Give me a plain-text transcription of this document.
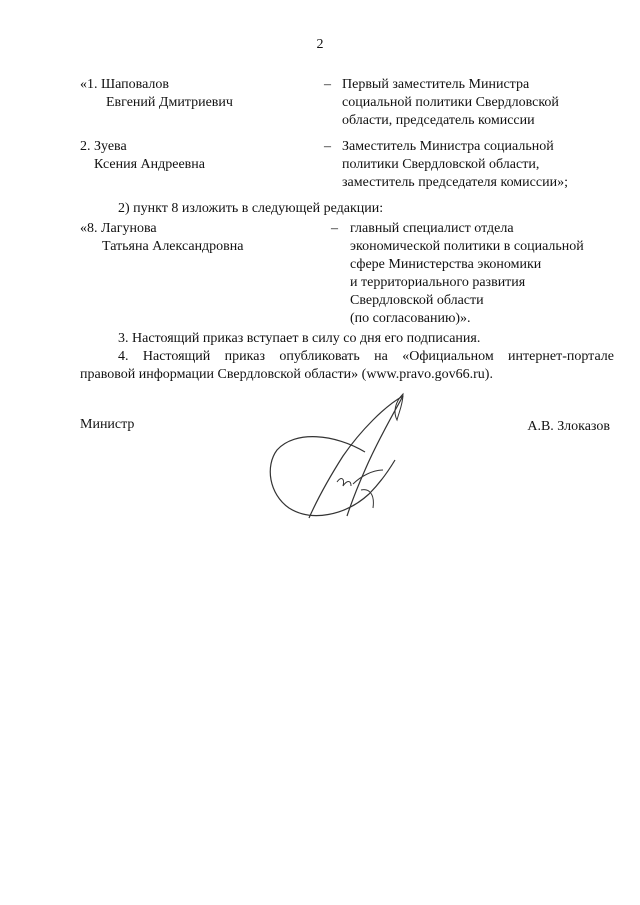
2
«1. Шаповалов
Евгений Дмитриевич
– Первый заместитель Министра
социальной политики Свердловской
области, председатель комиссии
2. Зуева
Ксения Андреевна
– Заместитель Министра социальной
политики Свердловской области,
заместитель председателя комиссии»;
2) пункт 8 изложить в следующей редакции:
«8. Лагунова
Татьяна Александровна
– главный специалист отдела
экономической политики в социальной
сфере Министерства экономики
и территориального развития
Свердловской области
(по согласованию)».
3. Настоящий приказ вступает в силу со дня его подписания.
4. Настоящий приказ опубликовать на «Официальном интернет-портале
правовой информации Свердловской области» (www.pravo.gov66.ru).
Министр	А.В. Злоказов
